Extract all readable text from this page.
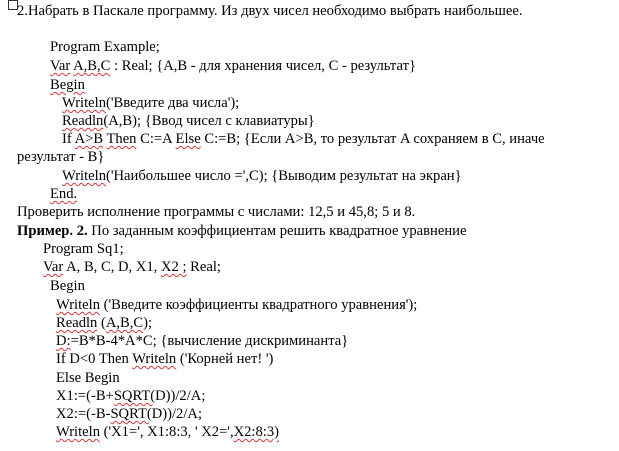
2.Набрать в Паскале программу. Из двух чисел необходимо выбрать наибольшее.
Program Example;
Var A,B,C : Real; {A,B - для хранения чисел, C - результат}
Begin
Writeln('Введите два числа');
Readln(A,B); {Ввод чисел с клавиатуры}
If A>B Then C:=A Else C:=B; {Если A>B, то результат A сохраняем в C, иначе
результат - B}
Writeln('Наибольшее число =',C); {Выводим результат на экран}
End.
Проверить исполнение программы с числами: 12,5 и 45,8; 5 и 8.
Пример. 2. По заданным коэффициентам решить квадратное уравнение
Program Sq1;
Var A, B, C, D, X1, X2 ; Real;
Begin
Writeln ('Введите коэффициенты квадратного уравнения');
Readln (A,B,C);
D:=B*B-4*A*C; {вычисление дискриминанта}
If D<0 Then Writeln ('Корней нет! ')
Else Begin
X1:=(-B+SQRT(D))/2/A;
X2:=(-B-SQRT(D))/2/A;
Writeln ('X1=', X1:8:3, ' X2=',X2:8:3)
